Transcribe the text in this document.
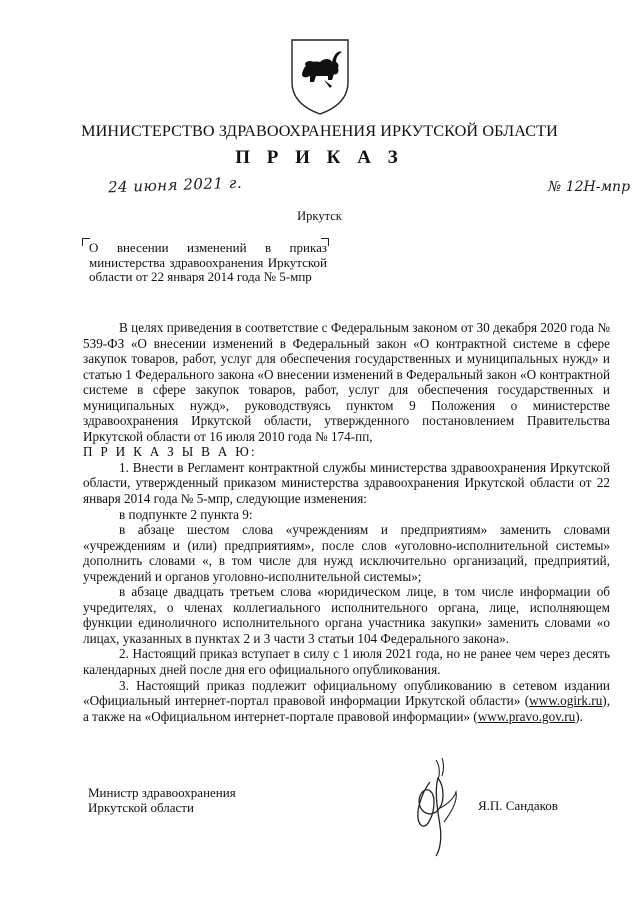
МИНИСТЕРСТВО ЗДРАВООХРАНЕНИЯ ИРКУТСКОЙ ОБЛАСТИ
П Р И К А З
24 июня 2021 г.	№ 12Н-мпр
Иркутск
О внесении изменений в приказ министерства здравоохранения Иркутской области от 22 января 2014 года № 5-мпр

В целях приведения в соответствие с Федеральным законом от 30 декабря 2020 года № 539-ФЗ «О внесении изменений в Федеральный закон «О контрактной системе в сфере закупок товаров, работ, услуг для обеспечения государственных и муниципальных нужд» и статью 1 Федерального закона «О внесении изменений в Федеральный закон «О контрактной системе в сфере закупок товаров, работ, услуг для обеспечения государственных и муниципальных нужд», руководствуясь пунктом 9 Положения о министерстве здравоохранения Иркутской области, утвержденного постановлением Правительства Иркутской области от 16 июля 2010 года № 174-пп,

П Р И К А З Ы В А Ю:

1. Внести в Регламент контрактной службы министерства здравоохранения Иркутской области, утвержденный приказом министерства здравоохранения Иркутской области от 22 января 2014 года № 5-мпр, следующие изменения:

в подпункте 2 пункта 9:

в абзаце шестом слова «учреждениям и предприятиям» заменить словами «учреждениям и (или) предприятиям», после слов «уголовно-исполнительной системы» дополнить словами «, в том числе для нужд исключительно организаций, предприятий, учреждений и органов уголовно-исполнительной системы»;

в абзаце двадцать третьем слова «юридическом лице, в том числе информации об учредителях, о членах коллегиального исполнительного органа, лице, исполняющем функции единоличного исполнительного органа участника закупки» заменить словами «о лицах, указанных в пунктах 2 и 3 части 3 статьи 104 Федерального закона».

2. Настоящий приказ вступает в силу с 1 июля 2021 года, но не ранее чем через десять календарных дней после дня его официального опубликования.

3. Настоящий приказ подлежит официальному опубликованию в сетевом издании «Официальный интернет-портал правовой информации Иркутской области» (www.ogirk.ru), а также на «Официальном интернет-портале правовой информации» (www.pravo.gov.ru).

Министр здравоохранения
Иркутской области	Я.П. Сандаков
